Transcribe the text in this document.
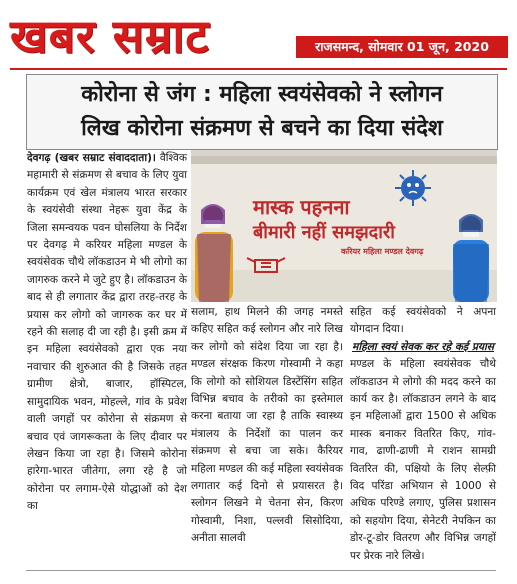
खबर सम्राट	राजसमन्द, सोमवार 01 जून, 2020
कोरोना से जंग : महिला स्वयंसेवको ने स्लोगन
लिख कोरोना संक्रमण से बचने का दिया संदेश

देवगढ़ (खबर सम्राट संवाददाता)। वैश्विक महामारी से संक्रमण से बचाव के लिए युवा कार्यक्रम एवं खेल मंत्रालय भारत सरकार के स्वयंसेवी संस्था नेहरू युवा केंद्र के जिला समन्वयक पवन घोसलिया के निर्देश पर देवगढ़ मे करियर महिला मण्डल के स्वयंसेवक चौथे लॉकडाउन मे भी लोगो का जागरुक करने मे जुटे हुए है। लॉकडाउन के बाद से ही लगातार केंद्र द्वारा तरह-तरह के प्रयास कर लोगो को जागरुक कर घर में रहने की सलाह दी जा रही है। इसी क्रम में इन महिला स्वयंसेवको द्वारा एक नया नवाचार की शुरुआत की है जिसके तहत ग्रामीण क्षेत्रो, बाजार, हॉस्पिटल, सामुदायिक भवन, मोहल्ले, गांव के प्रवेश वाली जगहों पर कोरोना से संक्रमण से बचाव एवं जागरूकता के लिए दीवार पर लेखन किया जा रहा है। जिसमे कोरोना हारेगा-भारत जीतेगा, लगा रहे है जो कोरोना पर लगाम-ऐसे योद्धाओं को देश का

मास्क पहनना
बीमारी नहीं समझदारी
करियर महिला मण्डल देवगढ़

सलाम, हाथ मिलने की जगह नमस्ते कहिए सहित कई स्लोगन और नारे लिख कर लोगो को संदेश दिया जा रहा है। मण्डल संरक्षक किरण गोस्वामी ने कहा कि लोगो को सोशियल डिस्टेंसिंग सहित विभिन्न बचाव के तरीको का इस्तेमाल करना बताया जा रहा है ताकि स्वास्थ्य मंत्रालय के निर्देशों का पालन कर संक्रमण से बचा जा सके। कैरियर महिला मण्डल की कई महिला स्वयंसेवक लगातार कई दिनो से प्रयासरत है। स्लोगन लिखने मे चेतना सेन, किरण गोस्वामी, निशा, पल्लवी सिसोदिया, अनीता सालवी

सहित कई स्वयंसेवको ने अपना योगदान दिया।

महिला स्वयं सेवक कर रहे कई प्रयास

मण्डल के महिला स्वयंसेवक चौथे लॉकडाउन मे लोगो की मदद करने का कार्य कर है। लॉकडाउन लगने के बाद इन महिलाओं द्वारा 1500 से अधिक मास्क बनाकर वितरित किए, गांव-गाव, ढाणी-ढाणी मे राशन सामग्री वितरित की, पक्षियो के लिए सेल्फ़ी विद परिंडा अभियान से 1000 से अधिक परिण्डे लगाए, पुलिस प्रशासन को सहयोग दिया, सेनेटरी नेपकिन का डोर-टू-डोर वितरण और विभिन्न जगहों पर प्रेरक नारे लिखे।
